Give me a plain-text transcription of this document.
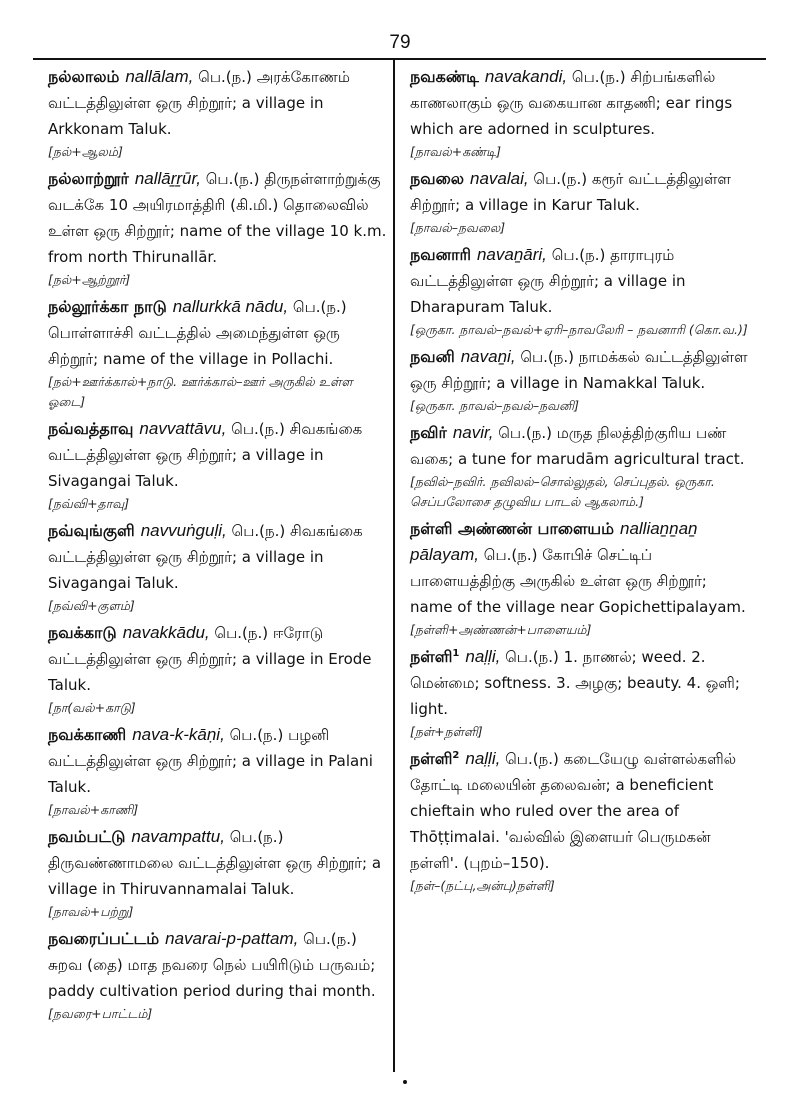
79

நல்லாலம் nallālam, பெ.(ந.) அரக்கோணம் வட்டத்திலுள்ள ஒரு சிற்றூர்; a village in Arkkonam Taluk.

[நல்+ஆலம்]

நல்லாற்றூர் nallāṟṟūr, பெ.(ந.) திருநள்ளாற்றுக்கு வடக்கே 10 அயிரமாத்திரி (கி.மி.) தொலைவில் உள்ள ஒரு சிற்றூர்; name of the village 10 k.m. from north Thirunallār.

[நல்+ஆற்றூர்]

நல்லூர்க்கா நாடு nallurkkā nādu, பெ.(ந.) பொள்ளாச்சி வட்டத்தில் அமைந்துள்ள ஒரு சிற்றூர்; name of the village in Pollachi.

[நல்+ஊர்க்கால்+நாடு. ஊர்க்கால்–ஊர் அருகில் உள்ள ஓடை]

நவ்வத்தாவு navvattāvu, பெ.(ந.) சிவகங்கை வட்டத்திலுள்ள ஒரு சிற்றூர்; a village in Sivagangai Taluk.

[நவ்வி+தாவு]

நவ்வுங்குளி navvuṅguḷi, பெ.(ந.) சிவகங்கை வட்டத்திலுள்ள ஒரு சிற்றூர்; a village in Sivagangai Taluk.

[நவ்வி+குளம்]

நவக்காடு navakkādu, பெ.(ந.) ஈரோடு வட்டத்திலுள்ள ஒரு சிற்றூர்; a village in Erode Taluk.

[நா(வல்+காடு]

நவக்காணி nava-k-kāṇi, பெ.(ந.) பழனி வட்டத்திலுள்ள ஒரு சிற்றூர்; a village in Palani Taluk.

[நாவல்+காணி]

நவம்பட்டு navampattu, பெ.(ந.) திருவண்ணாமலை வட்டத்திலுள்ள ஒரு சிற்றூர்; a village in Thiruvannamalai Taluk.

[நாவல்+பற்று]

நவரைப்பட்டம் navarai-p-pattam, பெ.(ந.) சுறவ (தை) மாத நவரை நெல் பயிரிடும் பருவம்; paddy cultivation period during thai month.

[நவரை+பாட்டம்]

நவகண்டி navakandi, பெ.(ந.) சிற்பங்களில் காணலாகும் ஒரு வகையான காதணி; ear rings which are adorned in sculptures.

[நாவல்+கண்டி]

நவலை navalai, பெ.(ந.) கரூர் வட்டத்திலுள்ள சிற்றூர்; a village in Karur Taluk.

[நாவல்–நவலை]

நவனாரி navaṉāri, பெ.(ந.) தாராபுரம் வட்டத்திலுள்ள ஒரு சிற்றூர்; a village in Dharapuram Taluk.

[ஒருகா. நாவல்–நவல்+ஏரி–நாவலேரி – நவனாரி (கொ.வ.)]

நவனி navaṉi, பெ.(ந.) நாமக்கல் வட்டத்திலுள்ள ஒரு சிற்றூர்; a village in Namakkal Taluk.

[ஒருகா. நாவல்–நவல்–நவனி]

நவிர் navir, பெ.(ந.) மருத நிலத்திற்குரிய பண் வகை; a tune for marudām agricultural tract.

[நவில்–நவிர். நவிலல்–சொல்லுதல், செப்புதல். ஒருகா. செப்பலோசை தழுவிய பாடல் ஆகலாம்.]

நள்ளி அண்ணன் பாளையம் nalliaṉṉaṉ pālayam, பெ.(ந.) கோபிச் செட்டிப் பாளையத்திற்கு அருகில் உள்ள ஒரு சிற்றூர்; name of the village near Gopichettipalayam.

[நள்ளி+அண்ணன்+பாளையம்]

நள்ளி$^1$ naḷḷi, பெ.(ந.) 1. நாணல்; weed. 2. மென்மை; softness. 3. அழகு; beauty. 4. ஒளி; light.

[நள்+நள்ளி]

நள்ளி$^2$ naḷḷi, பெ.(ந.) கடையேழு வள்ளல்களில் தோட்டி மலையின் தலைவன்; a beneficient chieftain who ruled over the area of Thōṭṭimalai. 'வல்வில் இளையர் பெருமகன் நள்ளி'. (புறம்–150).

[நள்–(நட்பு,அன்பு)நள்ளி]
